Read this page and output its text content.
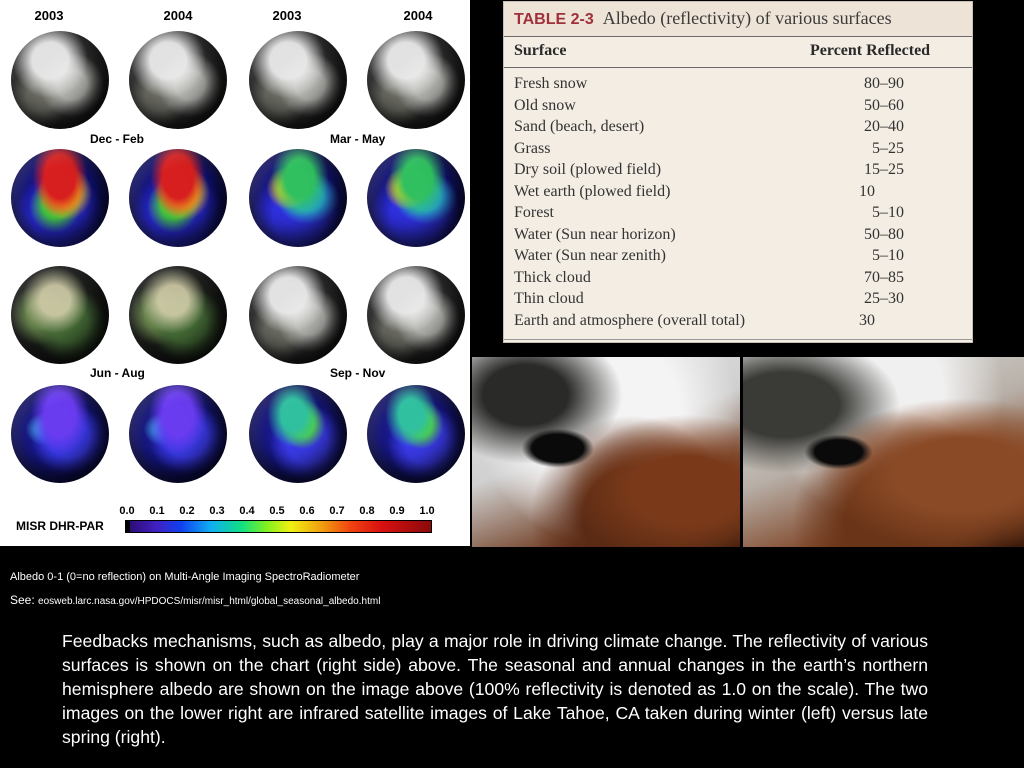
2003	2004	2003	2004
Dec - Feb	Mar - May
Jun - Aug	Sep - Nov
0.0 0.1 0.2 0.3 0.4 0.5 0.6 0.7 0.8 0.9 1.0
MISR DHR-PAR
Albedo 0-1 (0=no reflection) on Multi-Angle Imaging SpectroRadiometer
See: eosweb.larc.nasa.gov/HPDOCS/misr/misr_html/global_seasonal_albedo.html
TABLE 2-3 Albedo (reflectivity) of various surfaces
Surface	Percent Reflected
Fresh snow	80–90
Old snow	50–60
Sand (beach, desert)	20–40
Grass	5–25
Dry soil (plowed field)	15–25
Wet earth (plowed field)	10
Forest	5–10
Water (Sun near horizon)	50–80
Water (Sun near zenith)	5–10
Thick cloud	70–85
Thin cloud	25–30
Earth and atmosphere (overall total)	30

Feedbacks mechanisms, such as albedo, play a major role in driving climate change. The reflectivity of various surfaces is shown on the chart (right side) above. The seasonal and annual changes in the earth’s northern hemisphere albedo are shown on the image above (100% reflectivity is denoted as 1.0 on the scale). The two images on the lower right are infrared satellite images of Lake Tahoe, CA taken during winter (left) versus late spring (right).
